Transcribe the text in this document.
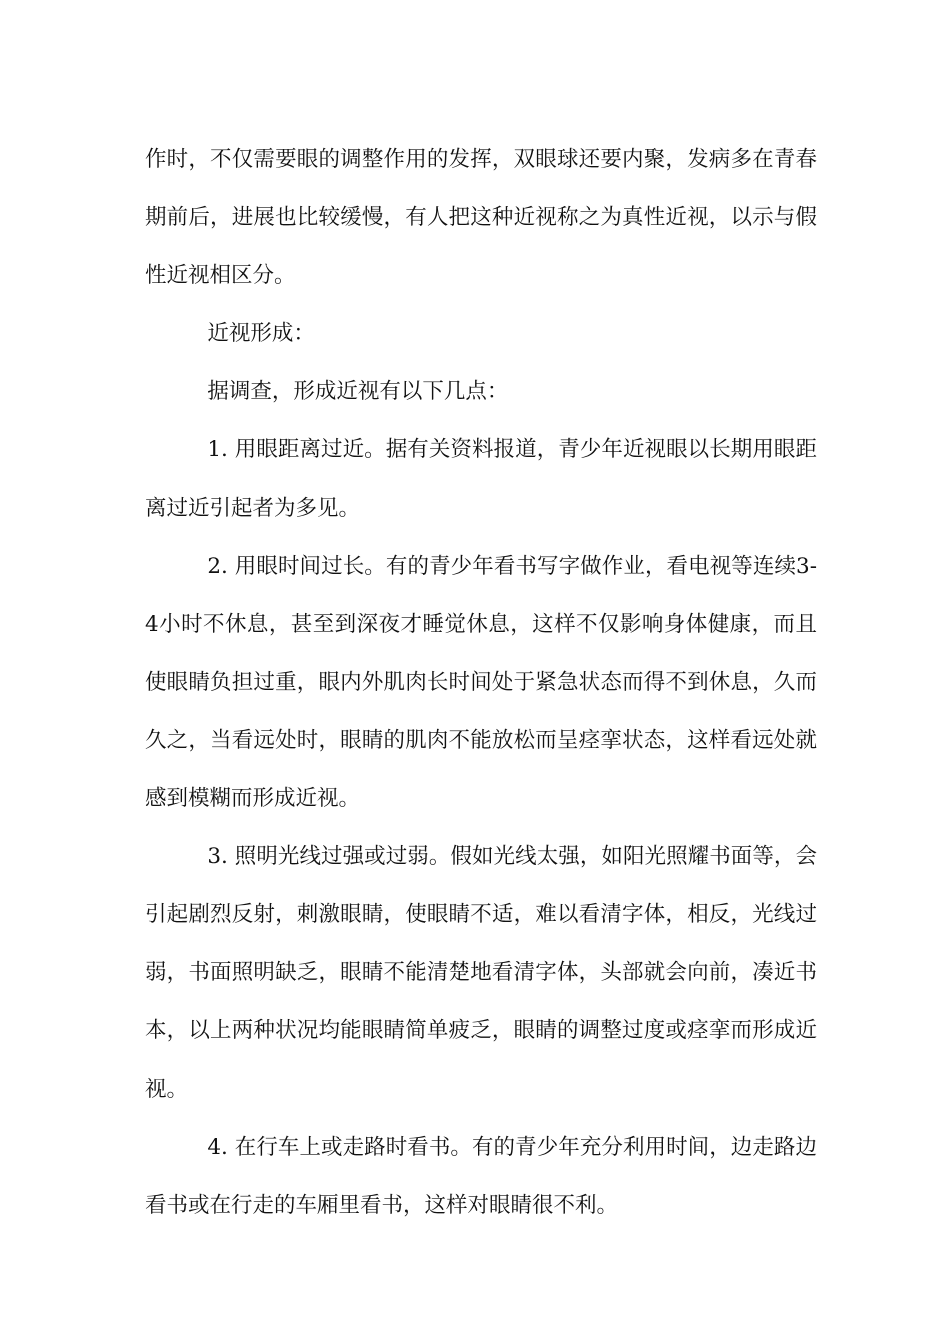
作时，不仅需要眼的调整作用的发挥，双眼球还要内聚，发病多在青春期前后，进展也比较缓慢，有人把这种近视称之为真性近视，以示与假性近视相区分。

近视形成：

据调查，形成近视有以下几点：

1. 用眼距离过近。据有关资料报道，青少年近视眼以长期用眼距离过近引起者为多见。

2. 用眼时间过长。有的青少年看书写字做作业，看电视等连续3-4小时不休息，甚至到深夜才睡觉休息，这样不仅影响身体健康，而且使眼睛负担过重，眼内外肌肉长时间处于紧急状态而得不到休息，久而久之，当看远处时，眼睛的肌肉不能放松而呈痉挛状态，这样看远处就感到模糊而形成近视。

3. 照明光线过强或过弱。假如光线太强，如阳光照耀书面等，会引起剧烈反射，刺激眼睛，使眼睛不适，难以看清字体，相反，光线过弱，书面照明缺乏，眼睛不能清楚地看清字体，头部就会向前，凑近书本，以上两种状况均能眼睛简单疲乏，眼睛的调整过度或痉挛而形成近视。

4. 在行车上或走路时看书。有的青少年充分利用时间，边走路边看书或在行走的车厢里看书，这样对眼睛很不利。
